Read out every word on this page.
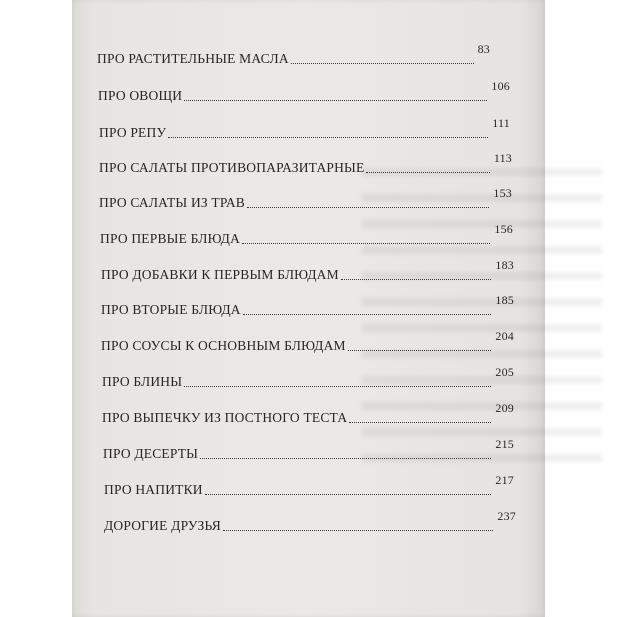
ПРО РАСТИТЕЛЬНЫЕ МАСЛА
83
ПРО ОВОЩИ
106
ПРО РЕПУ
111
ПРО САЛАТЫ ПРОТИВОПАРАЗИТАРНЫЕ
113
ПРО САЛАТЫ ИЗ ТРАВ
153
ПРО ПЕРВЫЕ БЛЮДА
156
ПРО ДОБАВКИ К ПЕРВЫМ БЛЮДАМ
183
ПРО ВТОРЫЕ БЛЮДА
185
ПРО СОУСЫ К ОСНОВНЫМ БЛЮДАМ
204
ПРО БЛИНЫ
205
ПРО ВЫПЕЧКУ ИЗ ПОСТНОГО ТЕСТА
209
ПРО ДЕСЕРТЫ
215
ПРО НАПИТКИ
217
ДОРОГИЕ ДРУЗЬЯ
237
